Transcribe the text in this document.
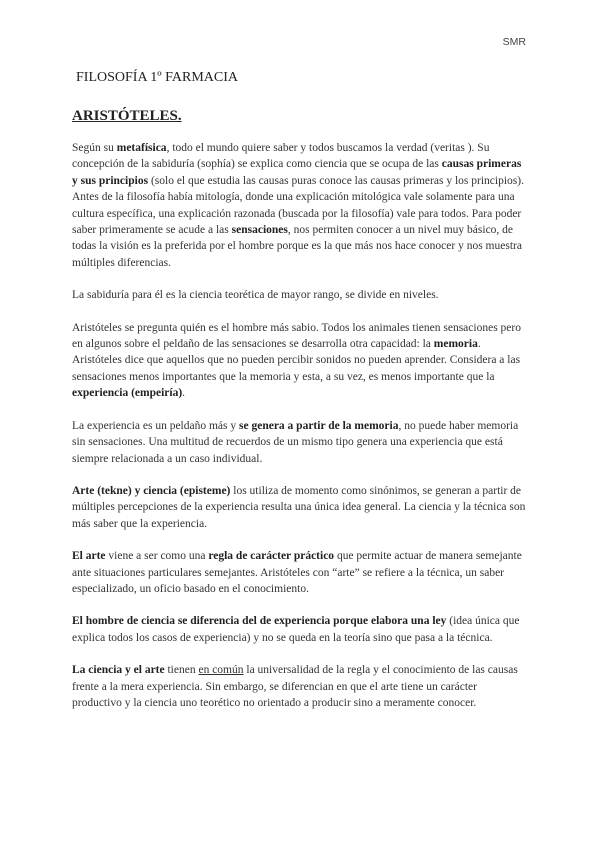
SMR
FILOSOFÍA 1º FARMACIA
ARISTÓTELES.

Según su metafísica, todo el mundo quiere saber y todos buscamos la verdad (veritas ). Su concepción de la sabiduría (sophía) se explica como ciencia que se ocupa de las causas primeras y sus principios (solo el que estudia las causas puras conoce las causas primeras y los principios). Antes de la filosofía había mitología, donde una explicación mitológica vale solamente para una cultura específica, una explicación razonada (buscada por la filosofía) vale para todos. Para poder saber primeramente se acude a las sensaciones, nos permiten conocer a un nivel muy básico, de todas la visión es la preferida por el hombre porque es la que más nos hace conocer y nos muestra múltiples diferencias.

La sabiduría para él es la ciencia teorética de mayor rango, se divide en niveles.

Aristóteles se pregunta quién es el hombre más sabio. Todos los animales tienen sensaciones pero en algunos sobre el peldaño de las sensaciones se desarrolla otra capacidad: la memoria. Aristóteles dice que aquellos que no pueden percibir sonidos no pueden aprender. Considera a las sensaciones menos importantes que la memoria y esta, a su vez, es menos importante que la experiencia (empeiría).

La experiencia es un peldaño más y se genera a partir de la memoria, no puede haber memoria sin sensaciones. Una multitud de recuerdos de un mismo tipo genera una experiencia que está siempre relacionada a un caso individual.

Arte (tekne) y ciencia (episteme) los utiliza de momento como sinónimos, se generan a partir de múltiples percepciones de la experiencia resulta una única idea general. La ciencia y la técnica son más saber que la experiencia.

El arte viene a ser como una regla de carácter práctico que permite actuar de manera semejante ante situaciones particulares semejantes. Aristóteles con “arte” se refiere a la técnica, un saber especializado, un oficio basado en el conocimiento.

El hombre de ciencia se diferencia del de experiencia porque elabora una ley (idea única que explica todos los casos de experiencia) y no se queda en la teoría sino que pasa a la técnica.

La ciencia y el arte tienen en común la universalidad de la regla y el conocimiento de las causas frente a la mera experiencia. Sin embargo, se diferencian en que el arte tiene un carácter productivo y la ciencia uno teorético no orientado a producir sino a meramente conocer.
